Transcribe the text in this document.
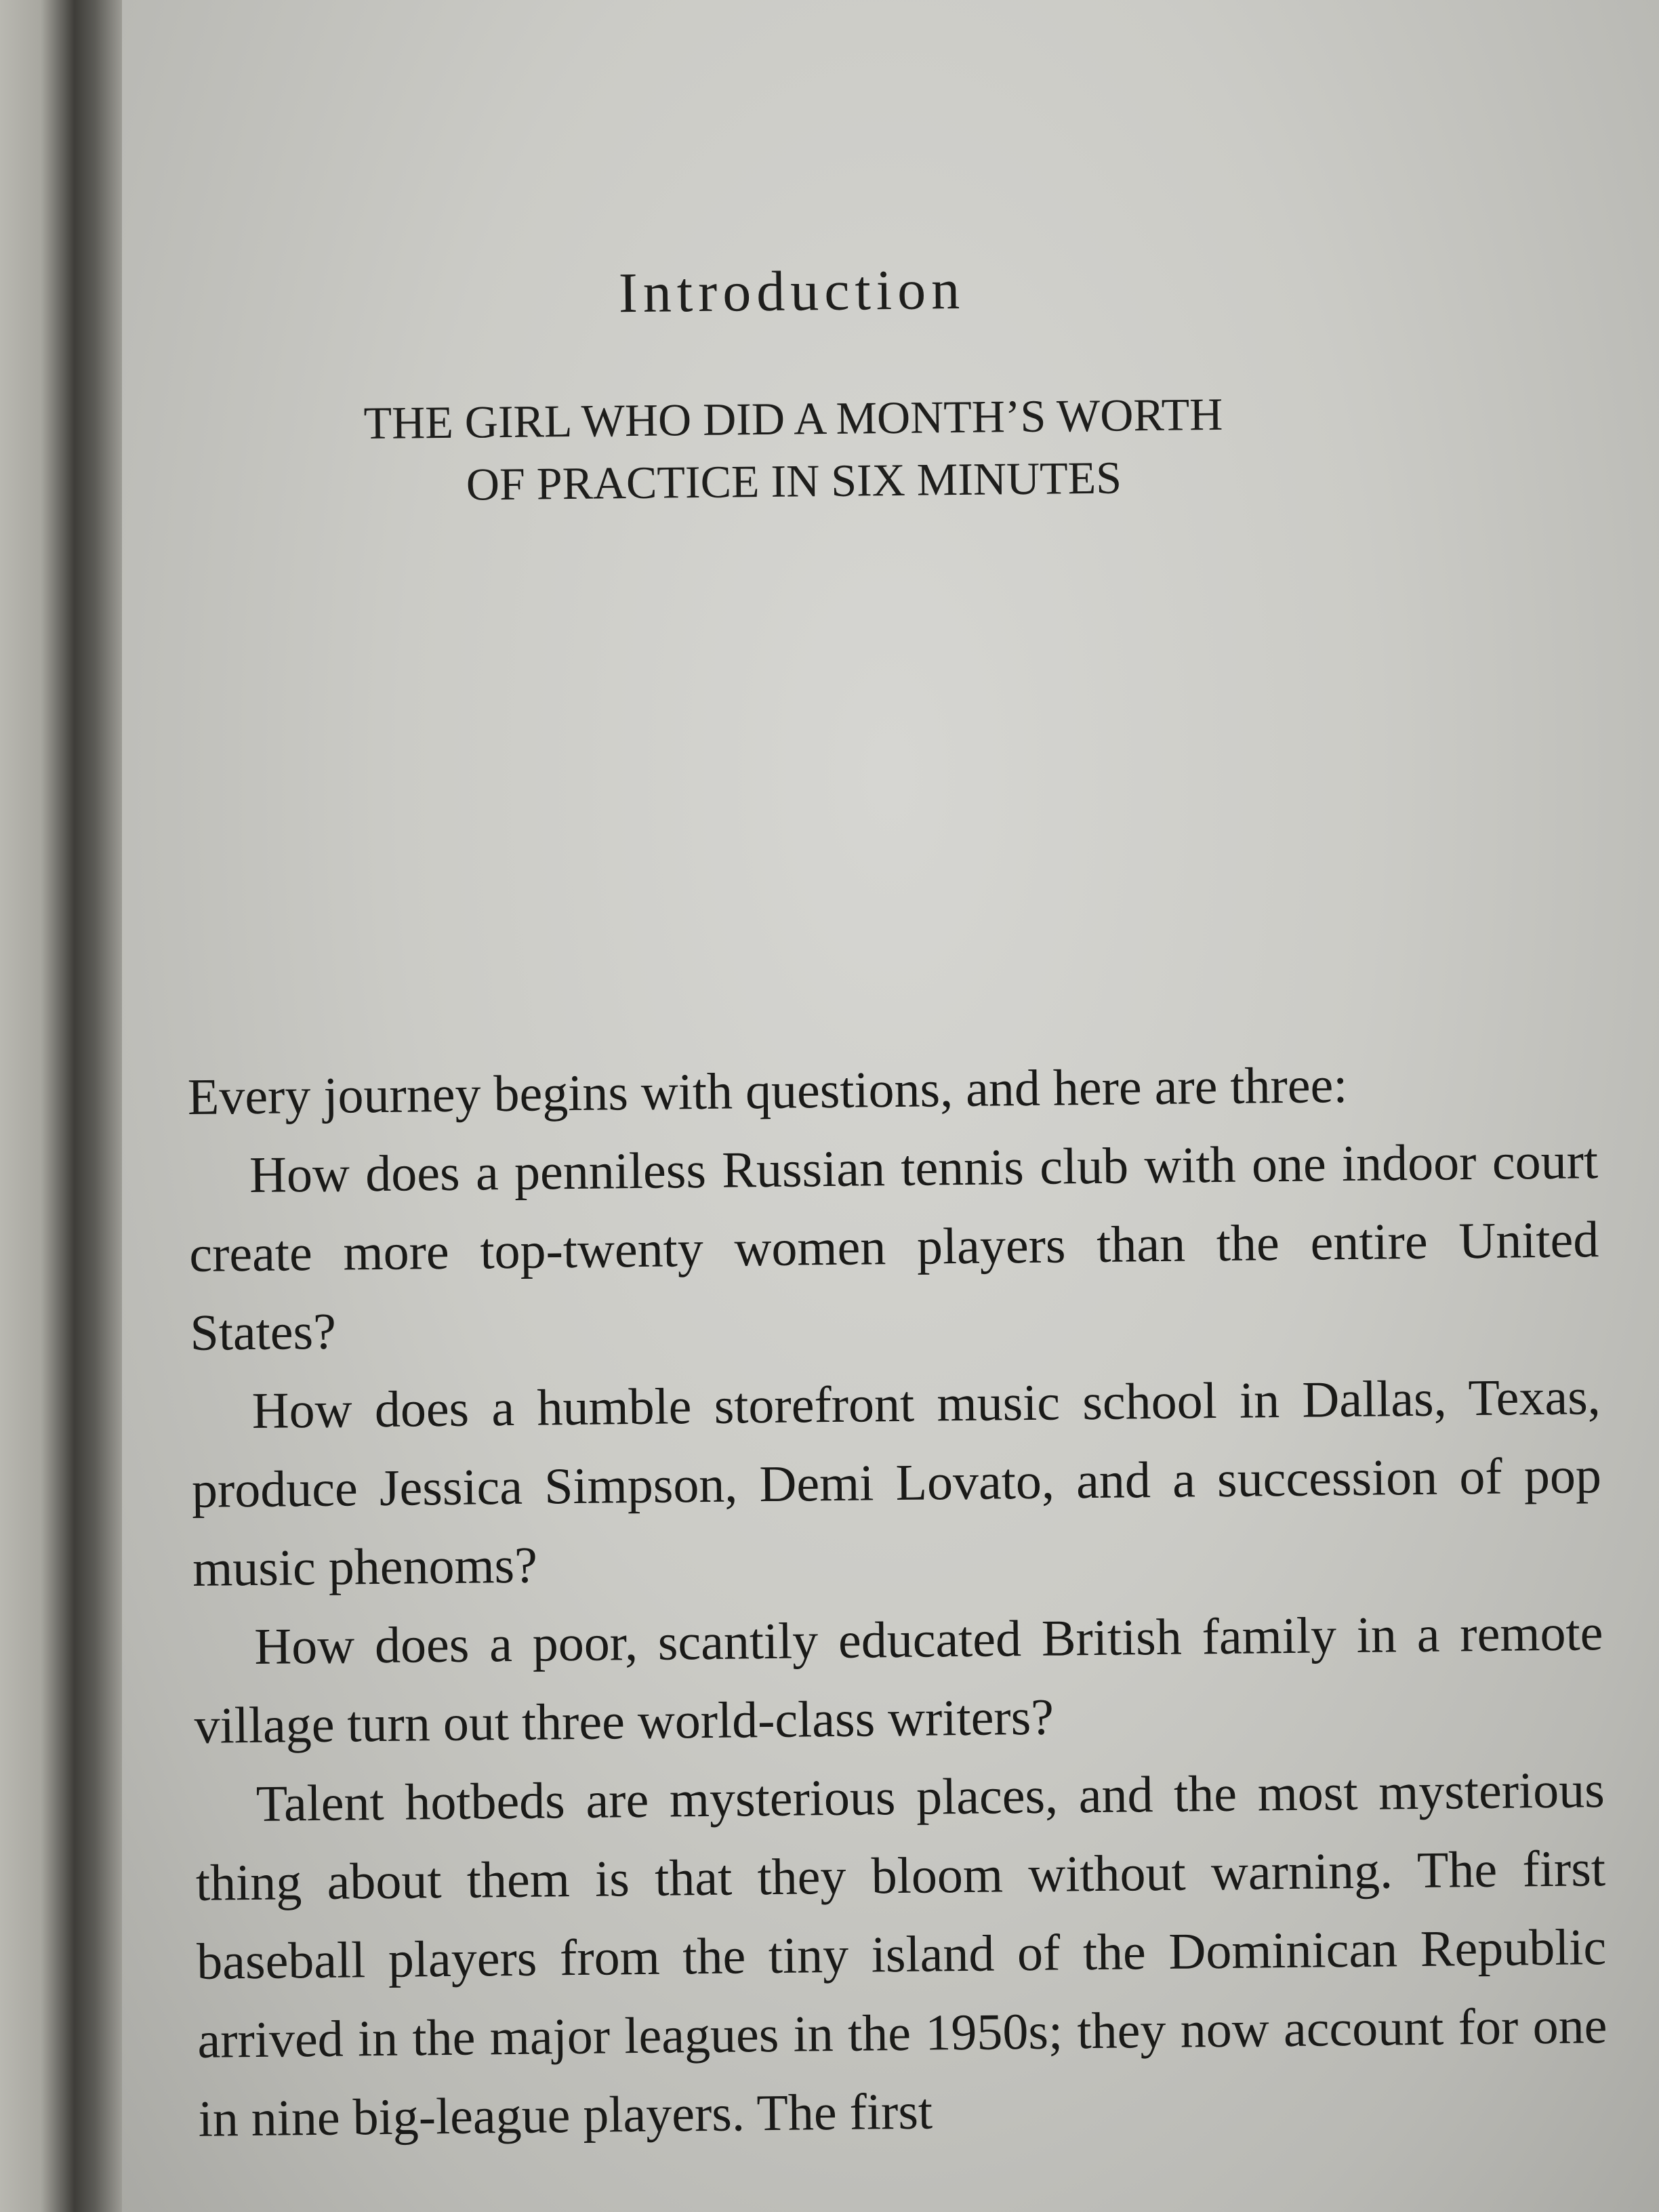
Introduction
THE GIRL WHO DID A MONTH’S WORTH
OF PRACTICE IN SIX MINUTES

Every journey begins with questions, and here are three:

How does a penniless Russian tennis club with one indoor court create more top-twenty women players than the entire United States?

How does a humble storefront music school in Dallas, Texas, produce Jessica Simpson, Demi Lovato, and a succession of pop music phenoms?

How does a poor, scantily educated British family in a remote village turn out three world-class writers?

Talent hotbeds are mysterious places, and the most mysterious thing about them is that they bloom without warning. The first baseball players from the tiny island of the Dominican Republic arrived in the major leagues in the 1950s; they now account for one in nine big-league players. The first
